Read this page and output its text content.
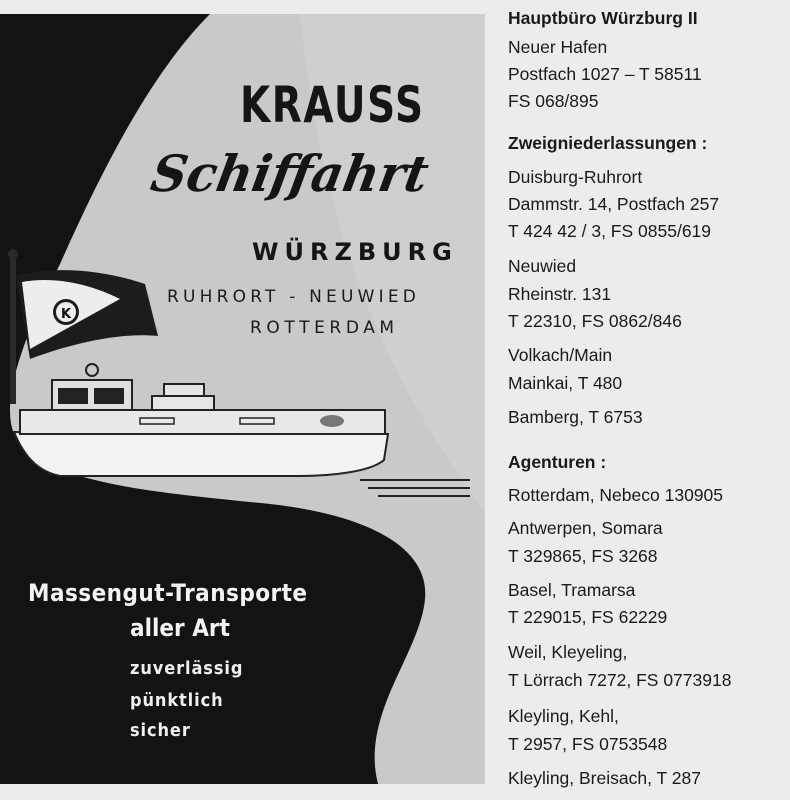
K

KRAUSS

Schiffahrt

WÜRZBURG

RUHRORT - NEUWIED

ROTTERDAM

Massengut-Transporte

aller Art

zuverlässig

pünktlich

sicher

Hauptbüro Würzburg II

Neuer Hafen

Postfach 1027 – T 58511

FS 068/895

Zweigniederlassungen :

Duisburg-Ruhrort

Dammstr. 14, Postfach 257

T 424 42 / 3, FS 0855/619

Neuwied

Rheinstr. 131

T 22310, FS 0862/846

Volkach/Main

Mainkai, T 480

Bamberg, T 6753

Agenturen :

Rotterdam, Nebeco 130905

Antwerpen, Somara

T 329865, FS 3268

Basel, Tramarsa

T 229015, FS 62229

Weil, Kleyeling,

T Lörrach 7272, FS 0773918

Kleyling, Kehl,

T 2957, FS 0753548

Kleyling, Breisach, T 287
